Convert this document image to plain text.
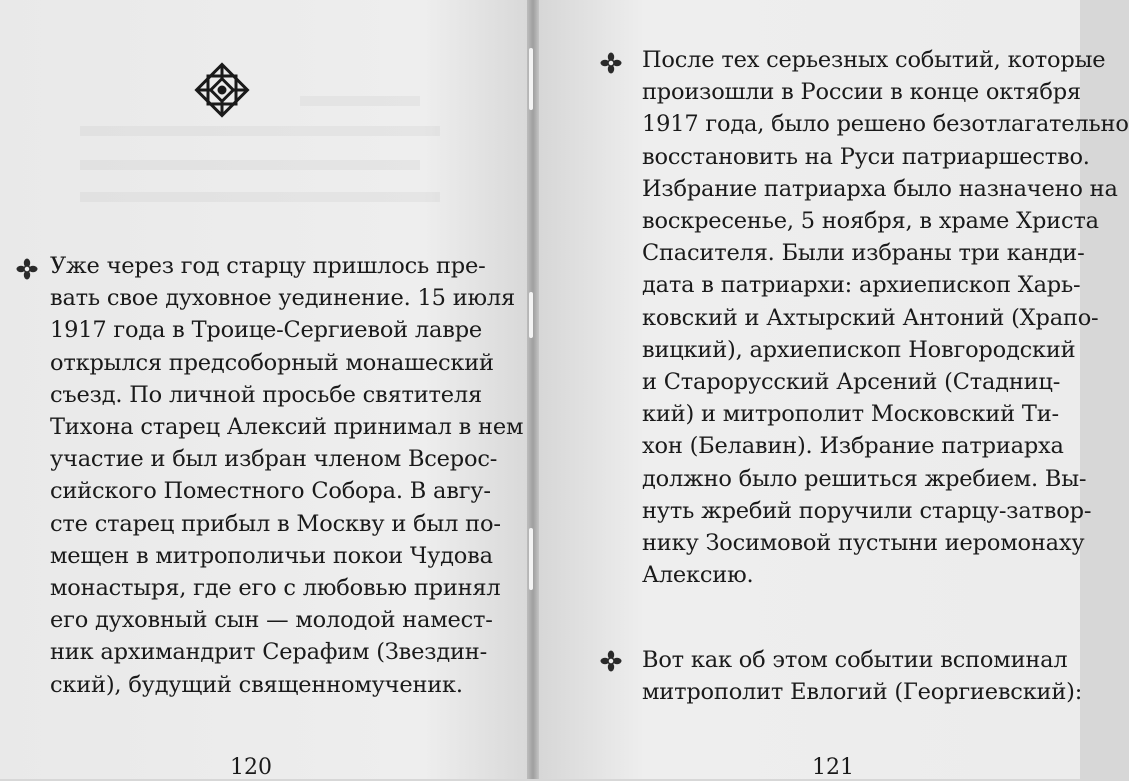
Уже через год старцу пришлось пре-
вать свое духовное уединение. 15 июля
1917 года в Троице-Сергиевой лавре
открылся предсоборный монашеский
съезд. По личной просьбе святителя
Тихона старец Алексий принимал в нем
участие и был избран членом Всерос-
сийского Поместного Собора. В авгу-
сте старец прибыл в Москву и был по-
мещен в митрополичьи покои Чудова
монастыря, где его с любовью принял
его духовный сын — молодой намест-
ник архимандрит Серафим (Звездин-
ский), будущий священномученик.

120

После тех серьезных событий, которые
произошли в России в конце октября
1917 года, было решено безотлагательно
восстановить на Руси патриаршество.
Избрание патриарха было назначено на
воскресенье, 5 ноября, в храме Христа
Спасителя. Были избраны три канди-
дата в патриархи: архиепископ Харь-
ковский и Ахтырский Антоний (Храпо-
вицкий), архиепископ Новгородский
и Старорусский Арсений (Стадниц-
кий) и митрополит Московский Ти-
хон (Белавин). Избрание патриарха
должно было решиться жребием. Вы-
нуть жребий поручили старцу-затвор-
нику Зосимовой пустыни иеромонаху
Алексию.

Вот как об этом событии вспоминал
митрополит Евлогий (Георгиевский):

121
